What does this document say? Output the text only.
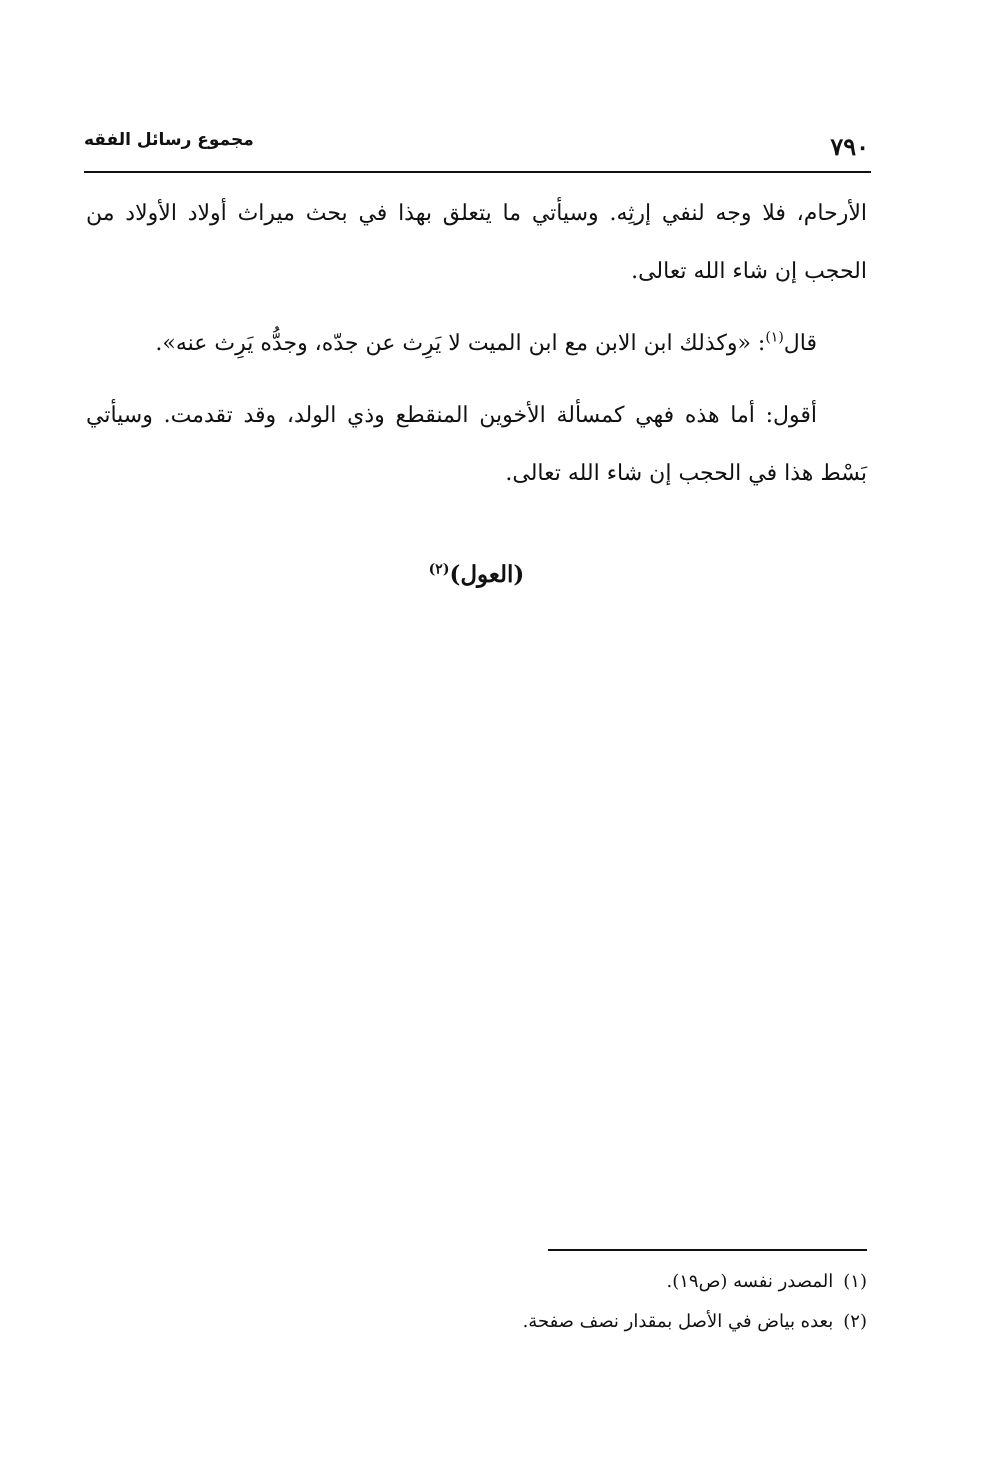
مجموع رسائل الفقه	٧٩٠

الأرحام، فلا وجه لنفي إرثِه. وسيأتي ما يتعلق بهذا في بحث ميراث أولاد الأولاد من الحجب إن شاء الله تعالى.

قال$^{(١)}$: «وكذلك ابن الابن مع ابن الميت لا يَرِث عن جدّه، وجدُّه يَرِث عنه».

أقول: أما هذه فهي كمسألة الأخوين المنقطع وذي الولد، وقد تقدمت. وسيأتي بَسْط هذا في الحجب إن شاء الله تعالى.

(العول)$^{(٢)}$
(١)المصدر نفسه (ص١٩).
(٢)بعده بياض في الأصل بمقدار نصف صفحة.
